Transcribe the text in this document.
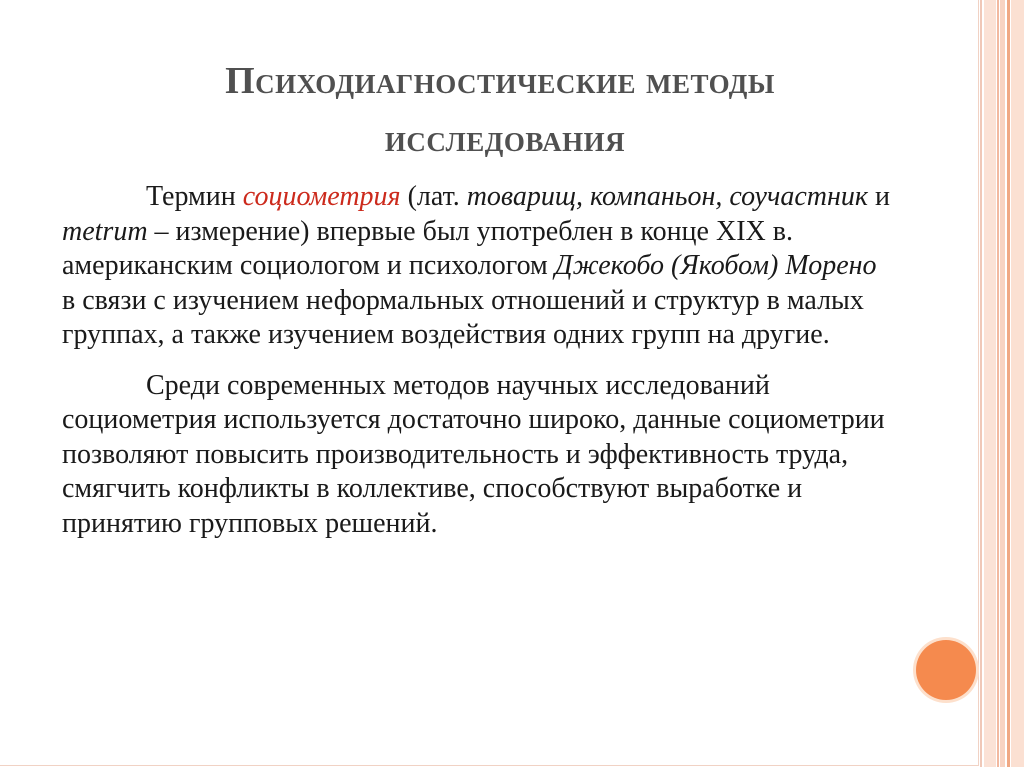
Психодиагностические методы
исследования

Термин социометрия (лат. товарищ, компаньон, соучастник и metrum – измерение) впервые был употреблен в конце XIX в. американским социологом и психологом Джекобо (Якобом) Морено в связи с изучением неформальных отношений и структур в малых группах, а также изучением воздействия одних групп на другие.

Среди современных методов научных исследований социометрия используется достаточно широко, данные социометрии позволяют повысить производительность и эффективность труда, смягчить конфликты в коллективе, способствуют выработке и принятию групповых решений.
